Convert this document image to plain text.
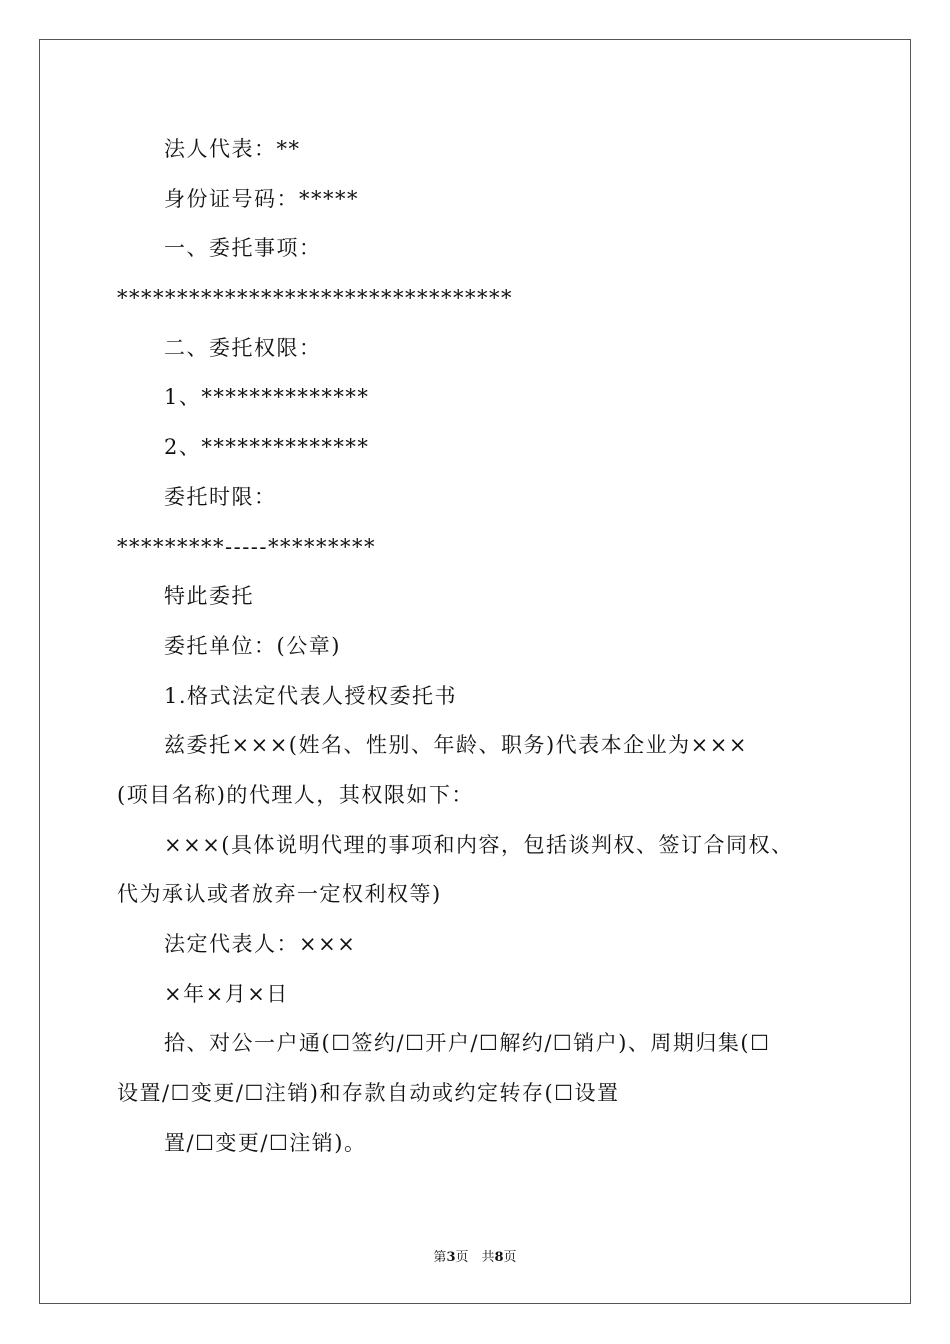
法人代表：**
身份证号码：*****
一、委托事项：
*********************************
二、委托权限：
1、**************
2、**************
委托时限：
*********-----*********
特此委托
委托单位：(公章)
1.格式法定代表人授权委托书
兹委托×××(姓名、性别、年龄、职务)代表本企业为×××
(项目名称)的代理人，其权限如下：
×××(具体说明代理的事项和内容，包括谈判权、签订合同权、
代为承认或者放弃一定权利权等)
法定代表人：×××
×年×月×日
拾、对公一户通(☐签约/☐开户/☐解约/☐销户)、周期归集(☐
设置/☐变更/☐注销)和存款自动或约定转存(☐设置
置/☐变更/☐注销)。
第3页　共8页
